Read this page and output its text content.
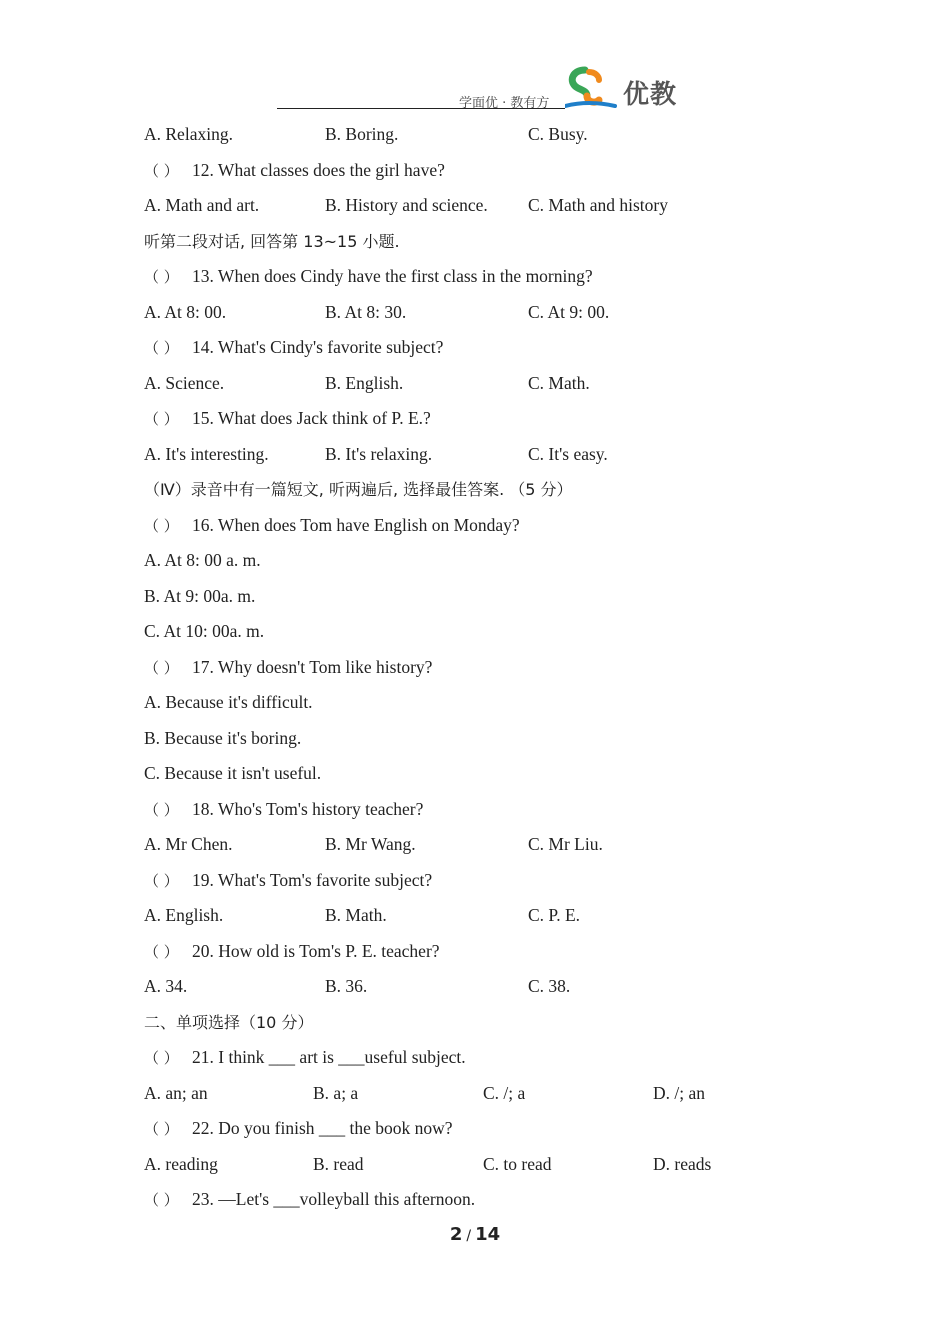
学面优 · 教有方	优教
A. Relaxing.	B. Boring.	C. Busy.
（ ） 12. What classes does the girl have?
A. Math and art.	B. History and science. C. Math and history
听第二段对话, 回答第 13~15 小题.
（ ） 13. When does Cindy have the first class in the morning?
A. At 8: 00.	B. At 8: 30.	C. At 9: 00.
（ ） 14. What's Cindy's favorite subject?
A. Science.	B. English.	C. Math.
（ ） 15. What does Jack think of P. E.?
A. It's interesting.	B. It's relaxing.	C. It's easy.
（Ⅳ）录音中有一篇短文, 听两遍后, 选择最佳答案. （5 分）
（ ） 16. When does Tom have English on Monday?
A. At 8: 00 a. m.
B. At 9: 00a. m.
C. At 10: 00a. m.
（ ） 17. Why doesn't Tom like history?
A. Because it's difficult.
B. Because it's boring.
C. Because it isn't useful.
（ ） 18. Who's Tom's history teacher?
A. Mr Chen.	B. Mr Wang.	C. Mr Liu.
（ ） 19. What's Tom's favorite subject?
A. English.	B. Math.	C. P. E.
（ ） 20. How old is Tom's P. E. teacher?
A. 34.	B. 36.	C. 38.
二、单项选择（10 分）
（ ） 21. I think ___ art is ___useful subject.
A. an; an	B. a; a	C. /; a	D. /; an
（ ） 22. Do you finish ___ the book now?
A. reading	B. read	C. to read	D. reads
（ ） 23. —Let's ___volleyball this afternoon.
2 / 14
